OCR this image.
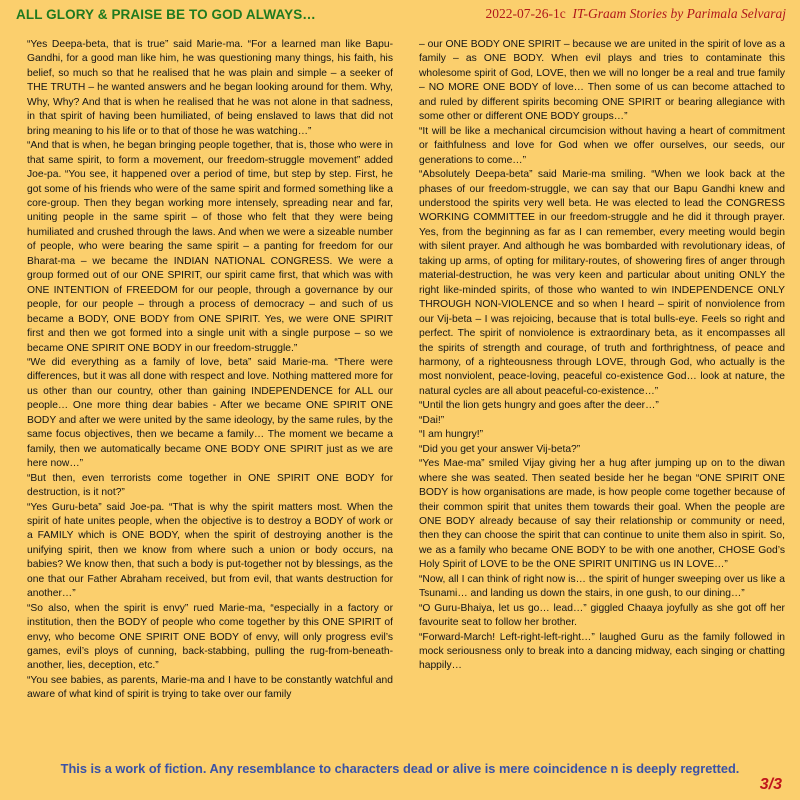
ALL GLORY & PRAISE BE TO GOD ALWAYS…	2022-07-26-1c IT-Graam Stories by Parimala Selvaraj

“Yes Deepa-beta, that is true” said Marie-ma. “For a learned man like Bapu-Gandhi, for a good man like him, he was questioning many things, his faith, his belief, so much so that he realised that he was plain and simple – a seeker of THE TRUTH – he wanted answers and he began looking around for them. Why, Why, Why? And that is when he realised that he was not alone in that sadness, in that spirit of having been humiliated, of being enslaved to laws that did not bring meaning to his life or to that of those he was watching…”

“And that is when, he began bringing people together, that is, those who were in that same spirit, to form a movement, our freedom-struggle movement” added Joe-pa. “You see, it happened over a period of time, but step by step. First, he got some of his friends who were of the same spirit and formed something like a core-group. Then they began working more intensely, spreading near and far, uniting people in the same spirit – of those who felt that they were being humiliated and crushed through the laws. And when we were a sizeable number of people, who were bearing the same spirit – a panting for freedom for our Bharat-ma – we became the INDIAN NATIONAL CONGRESS. We were a group formed out of our ONE SPIRIT, our spirit came first, that which was with ONE INTENTION of FREEDOM for our people, through a governance by our people, for our people – through a process of democracy – and such of us became a BODY, ONE BODY from ONE SPIRIT. Yes, we were ONE SPIRIT first and then we got formed into a single unit with a single purpose – so we became ONE SPIRIT ONE BODY in our freedom-struggle.”

“We did everything as a family of love, beta” said Marie-ma. “There were differences, but it was all done with respect and love. Nothing mattered more for us other than our country, other than gaining INDEPENDENCE for ALL our people… One more thing dear babies - After we became ONE SPIRIT ONE BODY and after we were united by the same ideology, by the same rules, by the same focus objectives, then we became a family… The moment we became a family, then we automatically became ONE BODY ONE SPIRIT just as we are here now…”

“But then, even terrorists come together in ONE SPIRIT ONE BODY for destruction, is it not?”

“Yes Guru-beta” said Joe-pa. “That is why the spirit matters most. When the spirit of hate unites people, when the objective is to destroy a BODY of work or a FAMILY which is ONE BODY, when the spirit of destroying another is the unifying spirit, then we know from where such a union or body occurs, na babies? We know then, that such a body is put-together not by blessings, as the one that our Father Abraham received, but from evil, that wants destruction for another…”

“So also, when the spirit is envy” rued Marie-ma, “especially in a factory or institution, then the BODY of people who come together by this ONE SPIRIT of envy, who become ONE SPIRIT ONE BODY of envy, will only progress evil’s games, evil’s ploys of cunning, back-stabbing, pulling the rug-from-beneath-another, lies, deception, etc.”

“You see babies, as parents, Marie-ma and I have to be constantly watchful and aware of what kind of spirit is trying to take over our family

– our ONE BODY ONE SPIRIT – because we are united in the spirit of love as a family – as ONE BODY. When evil plays and tries to contaminate this wholesome spirit of God, LOVE, then we will no longer be a real and true family – NO MORE ONE BODY of love… Then some of us can become attached to and ruled by different spirits becoming ONE SPIRIT or bearing allegiance with some other or different ONE BODY groups…”

“It will be like a mechanical circumcision without having a heart of commitment or faithfulness and love for God when we offer ourselves, our seeds, our generations to come…”

“Absolutely Deepa-beta” said Marie-ma smiling. “When we look back at the phases of our freedom-struggle, we can say that our Bapu Gandhi knew and understood the spirits very well beta. He was elected to lead the CONGRESS WORKING COMMITTEE in our freedom-struggle and he did it through prayer. Yes, from the beginning as far as I can remember, every meeting would begin with silent prayer. And although he was bombarded with revolutionary ideas, of taking up arms, of opting for military-routes, of showering fires of anger through material-destruction, he was very keen and particular about uniting ONLY the right like-minded spirits, of those who wanted to win INDEPENDENCE ONLY THROUGH NON-VIOLENCE and so when I heard – spirit of nonviolence from our Vij-beta – I was rejoicing, because that is total bulls-eye. Feels so right and perfect. The spirit of nonviolence is extraordinary beta, as it encompasses all the spirits of strength and courage, of truth and forthrightness, of peace and harmony, of a righteousness through LOVE, through God, who actually is the most nonviolent, peace-loving, peaceful co-existence God… look at nature, the natural cycles are all about peaceful-co-existence…”

“Until the lion gets hungry and goes after the deer…”

“Dai!”

“I am hungry!”

“Did you get your answer Vij-beta?”

“Yes Mae-ma” smiled Vijay giving her a hug after jumping up on to the diwan where she was seated. Then seated beside her he began “ONE SPIRIT ONE BODY is how organisations are made, is how people come together because of their common spirit that unites them towards their goal. When the people are ONE BODY already because of say their relationship or community or need, then they can choose the spirit that can continue to unite them also in spirit. So, we as a family who became ONE BODY to be with one another, CHOSE God’s Holy Spirit of LOVE to be the ONE SPIRIT UNITING us IN LOVE…”

“Now, all I can think of right now is… the spirit of hunger sweeping over us like a Tsunami… and landing us down the stairs, in one gush, to our dining…”

“O Guru-Bhaiya, let us go… lead…” giggled Chaaya joyfully as she got off her favourite seat to follow her brother.

“Forward-March! Left-right-left-right…” laughed Guru as the family followed in mock seriousness only to break into a dancing midway, each singing or chatting happily…

This is a work of fiction. Any resemblance to characters dead or alive is mere coincidence n is deeply regretted.
3/3
